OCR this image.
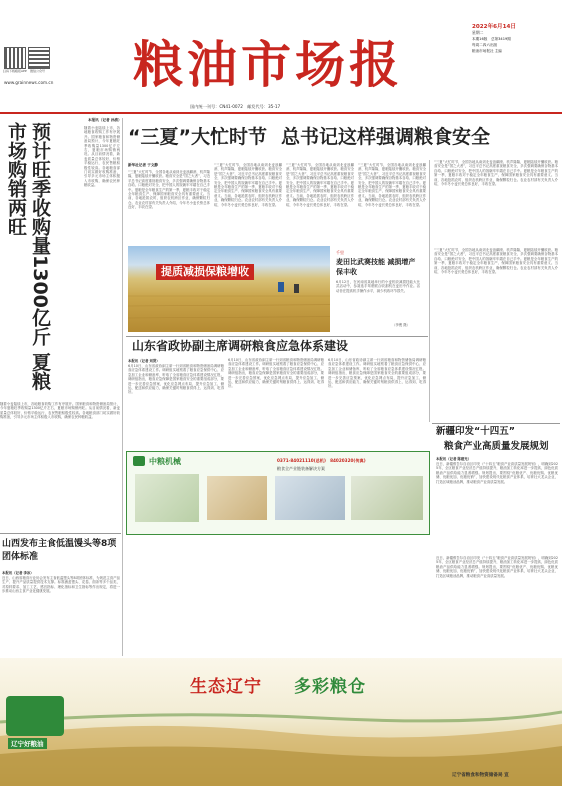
扫码下载粮报APP 微信公众号
www.grainnews.com.cn	粮油市场报
国内统一刊号：CN41-0072　邮发代号：35-17
2022年6月14日
星期二
本期16版　总第3419期
每周二四六出版
粮油市场报社 主编
本报讯（记者 孙旗）
预计旺季收购量1300亿斤 夏粮市场购销两旺	随着小麦陆续上市，各地粮食收购工作有序展开。国家粮食和物资储备局预计，今年夏粮旺季收购量1300亿斤左右，夏粮市场购销两旺。从目前情况看，新麦质量总体较好，价格平稳运行，农民售粮积极性较高。各地粮食部门切实做好收购准备，引导多元市场主体积极入市收购，确保农民种粮收益。
随着小麦陆续上市，各地粮食收购工作有序展开。国家粮食和物资储备局预计，今年夏粮旺季收购量1300亿斤左右，夏粮市场购销两旺。从目前情况看，新麦质量总体较好，价格平稳运行，农民售粮积极性较高。各地粮食部门切实做好收购准备，引导多元市场主体积极入市收购，确保农民种粮收益。
山西发布主食低温馒头等8项团体标准
本报讯（记者 李冰）
近日，山西省粮食行业协会发布主食低温馒头等8项团体标准，为规范主食产品生产、提升产品质量提供技术支撑。标准涵盖馒头、花卷、面条等多个品类，对原料要求、加工工艺、感官指标、理化指标和卫生指标等作出规定，将进一步推动山西主食产业化健康发展。
“三夏”大忙时节 总书记这样强调粮食安全
新华社记者 于文静
“三夏”大忙时节，全国各地从南到北麦浪翻滚、机声隆隆，夏粮陆续开镰收获。粮食安全是“国之大者”，习近平总书记高度重视粮食安全，多次强调要确保谷物基本自给、口粮绝对安全，把中国人的饭碗牢牢端在自己手中。夏粮是全年粮食生产的第一季，夏粮丰收对于稳定全年粮食生产、保障国家粮食安全具有重要意义。当前，各地抢抓农时，组织农机跨区作业，确保颗粒归仓。农业农村部有关负责人介绍，今年冬小麦长势总体良好，丰收在望。
“三夏”大忙时节，全国各地从南到北麦浪翻滚、机声隆隆，夏粮陆续开镰收获。粮食安全是“国之大者”，习近平总书记高度重视粮食安全，多次强调要确保谷物基本自给、口粮绝对安全，把中国人的饭碗牢牢端在自己手中。夏粮是全年粮食生产的第一季，夏粮丰收对于稳定全年粮食生产、保障国家粮食安全具有重要意义。当前，各地抢抓农时，组织农机跨区作业，确保颗粒归仓。农业农村部有关负责人介绍，今年冬小麦长势总体良好，丰收在望。
“三夏”大忙时节，全国各地从南到北麦浪翻滚、机声隆隆，夏粮陆续开镰收获。粮食安全是“国之大者”，习近平总书记高度重视粮食安全，多次强调要确保谷物基本自给、口粮绝对安全，把中国人的饭碗牢牢端在自己手中。夏粮是全年粮食生产的第一季，夏粮丰收对于稳定全年粮食生产、保障国家粮食安全具有重要意义。当前，各地抢抓农时，组织农机跨区作业，确保颗粒归仓。农业农村部有关负责人介绍，今年冬小麦长势总体良好，丰收在望。
“三夏”大忙时节，全国各地从南到北麦浪翻滚、机声隆隆，夏粮陆续开镰收获。粮食安全是“国之大者”，习近平总书记高度重视粮食安全，多次强调要确保谷物基本自给、口粮绝对安全，把中国人的饭碗牢牢端在自己手中。夏粮是全年粮食生产的第一季，夏粮丰收对于稳定全年粮食生产、保障国家粮食安全具有重要意义。当前，各地抢抓农时，组织农机跨区作业，确保颗粒归仓。农业农村部有关负责人介绍，今年冬小麦长势总体良好，丰收在望。
“三夏”大忙时节，全国各地从南到北麦浪翻滚、机声隆隆，夏粮陆续开镰收获。粮食安全是“国之大者”，习近平总书记高度重视粮食安全，多次强调要确保谷物基本自给、口粮绝对安全，把中国人的饭碗牢牢端在自己手中。夏粮是全年粮食生产的第一季，夏粮丰收对于稳定全年粮食生产、保障国家粮食安全具有重要意义。当前，各地抢抓农时，组织农机跨区作业，确保颗粒归仓。农业农村部有关负责人介绍，今年冬小麦长势总体良好，丰收在望。
“三夏”大忙时节，全国各地从南到北麦浪翻滚、机声隆隆，夏粮陆续开镰收获。粮食安全是“国之大者”，习近平总书记高度重视粮食安全，多次强调要确保谷物基本自给、口粮绝对安全，把中国人的饭碗牢牢端在自己手中。夏粮是全年粮食生产的第一季，夏粮丰收对于稳定全年粮食生产、保障国家粮食安全具有重要意义。当前，各地抢抓农时，组织农机跨区作业，确保颗粒归仓。农业农村部有关负责人介绍，今年冬小麦长势总体良好，丰收在望。
提质减损保粮增收
千里
麦田比武赛技能 减损增产保丰收
6月12日，在河南省某地举行的小麦机收减损技能大比武活动中，参赛选手驾驶联合收割机在麦田中作业。活动旨在提高机手操作水平，减少机收环节损失。
（李俊 摄）
山东省政协副主席调研粮食应急体系建设
本报讯（记者 刘贤）
6月10日，山东省政协副主席一行到省粮食和物资储备局调研粮食应急体系建设工作。调研组实地察看了粮食应急保供中心、应急加工企业和储备库，听取了全省粮食应急体系建设情况汇报。调研组指出，粮食应急保障是国家粮食安全的重要组成部分，要进一步完善应急预案，优化应急网点布局，提升应急加工、储运、配送和供应能力，确保关键时刻粮食供得上、运得到、吃得好。
6月10日，山东省政协副主席一行到省粮食和物资储备局调研粮食应急体系建设工作。调研组实地察看了粮食应急保供中心、应急加工企业和储备库，听取了全省粮食应急体系建设情况汇报。调研组指出，粮食应急保障是国家粮食安全的重要组成部分，要进一步完善应急预案，优化应急网点布局，提升应急加工、储运、配送和供应能力，确保关键时刻粮食供得上、运得到、吃得好。
6月10日，山东省政协副主席一行到省粮食和物资储备局调研粮食应急体系建设工作。调研组实地察看了粮食应急保供中心、应急加工企业和储备库，听取了全省粮食应急体系建设情况汇报。调研组指出，粮食应急保障是国家粮食安全的重要组成部分，要进一步完善应急预案，优化应急网点布局，提升应急加工、储运、配送和供应能力，确保关键时刻粮食供得上、运得到、吃得好。
新疆印发“十四五”
粮食产业高质量发展规划
本报讯（记者 陈建光）
近日，新疆维吾尔自治区印发《“十四五”粮食产业高质量发展规划》，明确到2025年，全区粮食产业经济总产值持续提升，粮油加工转化率进一步提高，绿色优质粮油产品供给能力显著增强。规划提出，要围绕“优粮优产、优粮优购、优粮优储、优粮优加、优粮优销”，加快建设现代化粮食产业体系，培育壮大龙头企业，打造区域粮油品牌，推动粮食产业高质量发展。
近日，新疆维吾尔自治区印发《“十四五”粮食产业高质量发展规划》，明确到2025年，全区粮食产业经济总产值持续提升，粮油加工转化率进一步提高，绿色优质粮油产品供给能力显著增强。规划提出，要围绕“优粮优产、优粮优购、优粮优储、优粮优加、优粮优销”，加快建设现代化粮食产业体系，培育壮大龙头企业，打造区域粮油品牌，推动粮食产业高质量发展。
中粮机械	0371-84021110(总机)　84020320(传真)
粮食全产业链装备解决方案
辽宁好粮油
生态辽宁 多彩粮仓
辽宁省粮食和物资储备局 宣
